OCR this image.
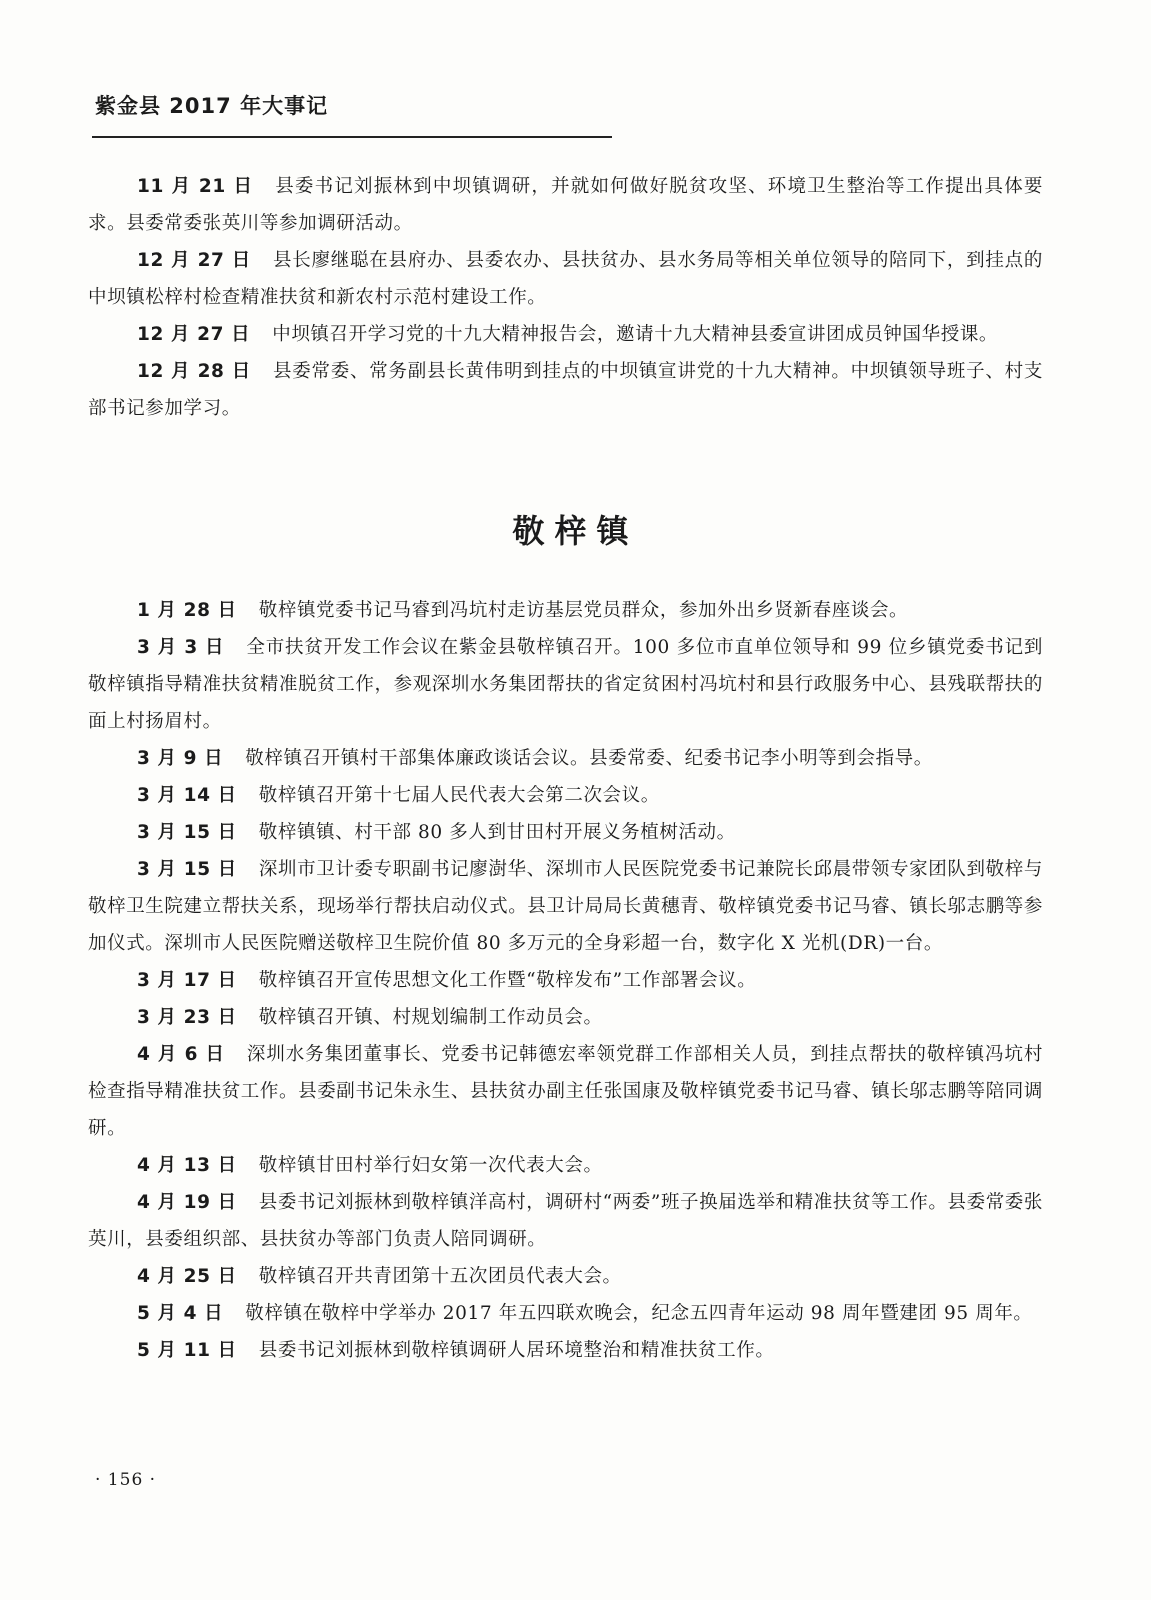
紫金县 2017 年大事记

11 月 21 日 县委书记刘振林到中坝镇调研，并就如何做好脱贫攻坚、环境卫生整治等工作提出具体要求。县委常委张英川等参加调研活动。

12 月 27 日 县长廖继聪在县府办、县委农办、县扶贫办、县水务局等相关单位领导的陪同下，到挂点的中坝镇松梓村检查精准扶贫和新农村示范村建设工作。

12 月 27 日 中坝镇召开学习党的十九大精神报告会，邀请十九大精神县委宣讲团成员钟国华授课。

12 月 28 日 县委常委、常务副县长黄伟明到挂点的中坝镇宣讲党的十九大精神。中坝镇领导班子、村支部书记参加学习。

敬梓镇

1 月 28 日 敬梓镇党委书记马睿到冯坑村走访基层党员群众，参加外出乡贤新春座谈会。

3 月 3 日 全市扶贫开发工作会议在紫金县敬梓镇召开。100 多位市直单位领导和 99 位乡镇党委书记到敬梓镇指导精准扶贫精准脱贫工作，参观深圳水务集团帮扶的省定贫困村冯坑村和县行政服务中心、县残联帮扶的面上村扬眉村。

3 月 9 日 敬梓镇召开镇村干部集体廉政谈话会议。县委常委、纪委书记李小明等到会指导。

3 月 14 日 敬梓镇召开第十七届人民代表大会第二次会议。

3 月 15 日 敬梓镇镇、村干部 80 多人到甘田村开展义务植树活动。

3 月 15 日 深圳市卫计委专职副书记廖澍华、深圳市人民医院党委书记兼院长邱晨带领专家团队到敬梓与敬梓卫生院建立帮扶关系，现场举行帮扶启动仪式。县卫计局局长黄穗青、敬梓镇党委书记马睿、镇长邬志鹏等参加仪式。深圳市人民医院赠送敬梓卫生院价值 80 多万元的全身彩超一台，数字化 X 光机(DR)一台。

3 月 17 日 敬梓镇召开宣传思想文化工作暨“敬梓发布”工作部署会议。

3 月 23 日 敬梓镇召开镇、村规划编制工作动员会。

4 月 6 日 深圳水务集团董事长、党委书记韩德宏率领党群工作部相关人员，到挂点帮扶的敬梓镇冯坑村检查指导精准扶贫工作。县委副书记朱永生、县扶贫办副主任张国康及敬梓镇党委书记马睿、镇长邬志鹏等陪同调研。

4 月 13 日 敬梓镇甘田村举行妇女第一次代表大会。

4 月 19 日 县委书记刘振林到敬梓镇洋高村，调研村“两委”班子换届选举和精准扶贫等工作。县委常委张英川，县委组织部、县扶贫办等部门负责人陪同调研。

4 月 25 日 敬梓镇召开共青团第十五次团员代表大会。

5 月 4 日 敬梓镇在敬梓中学举办 2017 年五四联欢晚会，纪念五四青年运动 98 周年暨建团 95 周年。

5 月 11 日 县委书记刘振林到敬梓镇调研人居环境整治和精准扶贫工作。

· 156 ·
